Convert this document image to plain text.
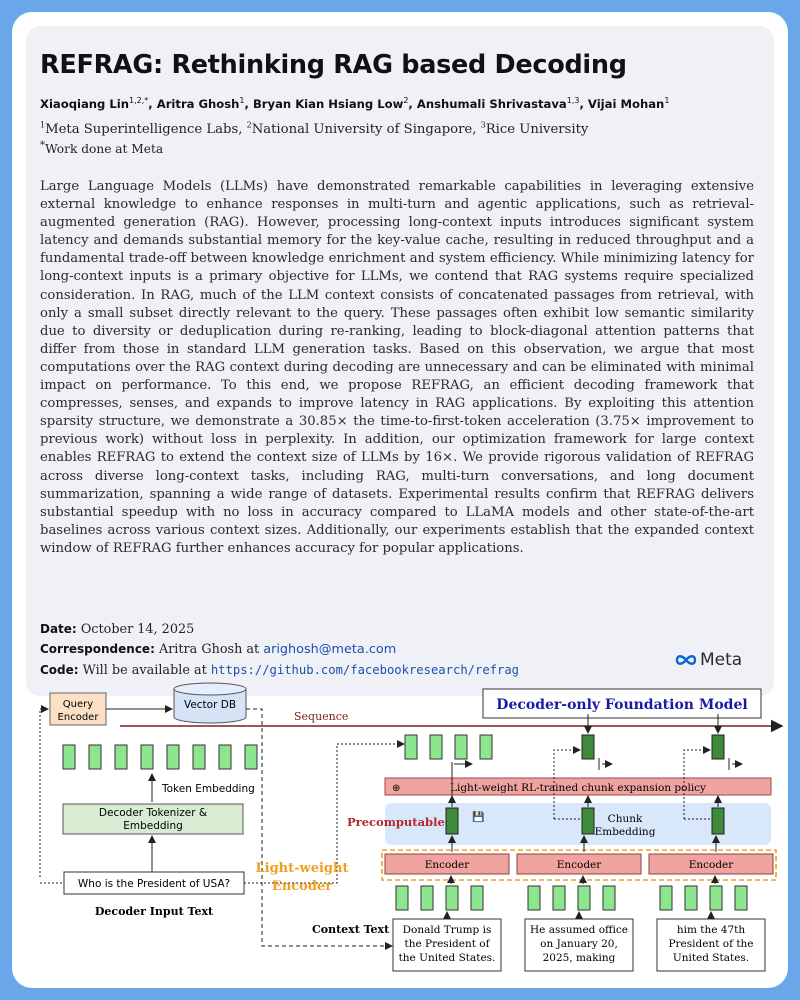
REFRAG: Rethinking RAG based Decoding
Xiaoqiang Lin$^{1,2,*}$, Aritra Ghosh$^1$, Bryan Kian Hsiang Low$^2$, Anshumali Shrivastava$^{1,3}$, Vijai Mohan$^1$
$^1$Meta Superintelligence Labs, $^2$National University of Singapore, $^3$Rice University
*Work done at Meta

Large Language Models (LLMs) have demonstrated remarkable capabilities in leveraging extensive external knowledge to enhance responses in multi-turn and agentic applications, such as retrieval-augmented generation (RAG). However, processing long-context inputs introduces significant system latency and demands substantial memory for the key-value cache, resulting in reduced throughput and a fundamental trade-off between knowledge enrichment and system efficiency. While minimizing latency for long-context inputs is a primary objective for LLMs, we contend that RAG systems require specialized consideration. In RAG, much of the LLM context consists of concatenated passages from retrieval, with only a small subset directly relevant to the query. These passages often exhibit low semantic similarity due to diversity or deduplication during re-ranking, leading to block-diagonal attention patterns that differ from those in standard LLM generation tasks. Based on this observation, we argue that most computations over the RAG context during decoding are unnecessary and can be eliminated with minimal impact on performance. To this end, we propose REFRAG, an efficient decoding framework that compresses, senses, and expands to improve latency in RAG applications. By exploiting this attention sparsity structure, we demonstrate a 30.85× the time-to-first-token acceleration (3.75× improvement to previous work) without loss in perplexity. In addition, our optimization framework for large context enables REFRAG to extend the context size of LLMs by 16×. We provide rigorous validation of REFRAG across diverse long-context tasks, including RAG, multi-turn conversations, and long document summarization, spanning a wide range of datasets. Experimental results confirm that REFRAG delivers substantial speedup with no loss in accuracy compared to LLaMA models and other state-of-the-art baselines across various context sizes. Additionally, our experiments establish that the expanded context window of REFRAG further enhances accuracy for popular applications.

Date: October 14, 2025
Correspondence: Aritra Ghosh at arighosh@meta.com
Code: Will be available at https://github.com/facebookresearch/refrag	Meta
Query
Encoder
Vector DB
Sequence
Decoder-only Foundation Model
Token Embedding
Decoder Tokenizer &
Embedding
Who is the President of USA?
Decoder Input Text
Light-weight RL-trained chunk expansion policy
⊕
Precomputable	💾	Chunk
Embedding
Light-weight
Encoder
Encoder	Encoder	Encoder
Context Text Donald Trump is
the President of
the United States.
He assumed office
on January 20,
2025, making
him the 47th
President of the
United States.
